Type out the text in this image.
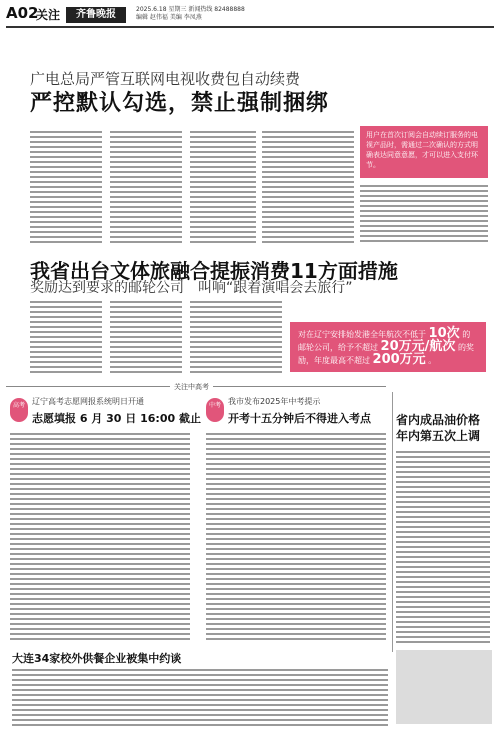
A02
关注	齐鲁晚报	2025.6.18 星期三 新闻热线 82488888
编辑 赵伟福 美编 李凤燕
广电总局严管互联网电视收费包自动续费
严控默认勾选，禁止强制捆绑
用户在首次订阅会自动续订服务的电视产品时，需通过二次确认的方式明确表达同意意愿，才可以进入支付环节。
我省出台文体旅融合提振消费11方面措施
奖励达到要求的邮轮公司　叫响“跟着演唱会去旅行”
对在辽宁安排始发港全年航次不低于 10次 的邮轮公司，给予不超过 20万元/航次 的奖励，年度最高不超过 200万元 。
关注中高考
高考 辽宁高考志愿网报系统明日开通
志愿填报 6 月 30 日 16:00 截止
中考 我市发布2025年中考提示
开考十五分钟后不得进入考点 省内成品油价格年内第五次上调
大连34家校外供餐企业被集中约谈
